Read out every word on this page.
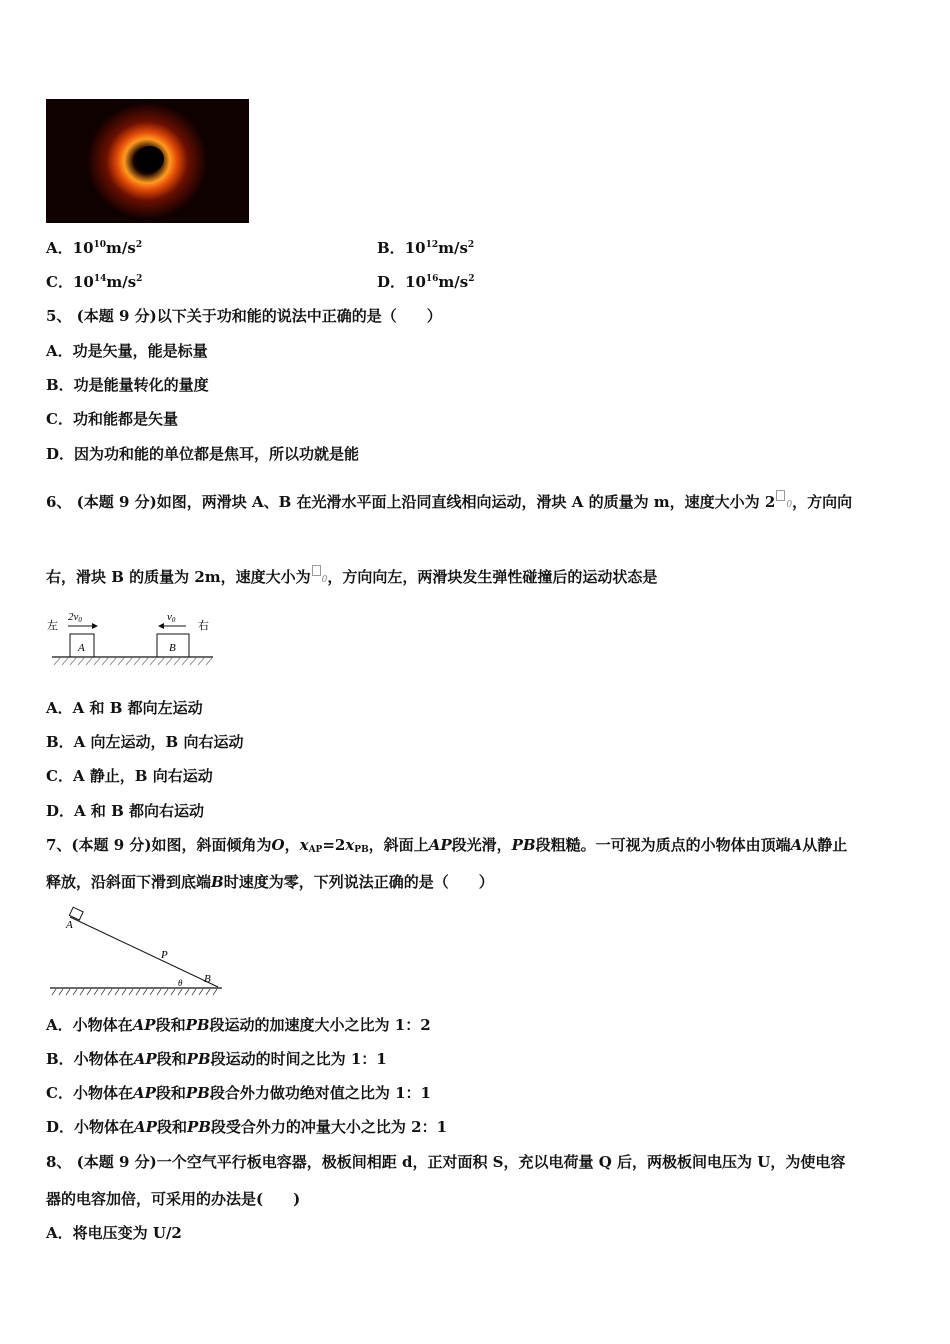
A．$10^{10}m/s^2$	B．$10^{12}m/s^2$
C．$10^{14}m/s^2$	D．$10^{16}m/s^2$
5、 (本题 9 分)以下关于功和能的说法中正确的是（　　）
A．功是矢量，能是标量
B．功是能量转化的量度
C．功和能都是矢量
D．因为功和能的单位都是焦耳，所以功就是能
6、 (本题 9 分)如图，两滑块 A、B 在光滑水平面上沿同直线相向运动，滑块 A 的质量为 m，速度大小为 2 0，方向向
右，滑块 B 的质量为 2m，速度大小为 0，方向向左，两滑块发生弹性碰撞后的运动状态是
左	右
2v0	v0
A	B
A．A 和 B 都向左运动
B．A 向左运动，B 向右运动
C．A 静止，B 向右运动
D．A 和 B 都向右运动
7、(本题 9 分)如图，斜面倾角为O，$x_{AP}=2x_{PB}$，斜面上AP段光滑，PB段粗糙。一可视为质点的小物体由顶端A从静止
释放，沿斜面下滑到底端B时速度为零，下列说法正确的是（　　）
A
P
B
θ
A．小物体在AP段和PB段运动的加速度大小之比为 1：2
B．小物体在AP段和PB段运动的时间之比为 1：1
C．小物体在AP段和PB段合外力做功绝对值之比为 1：1
D．小物体在AP段和PB段受合外力的冲量大小之比为 2：1
8、 (本题 9 分)一个空气平行板电容器，极板间相距 d，正对面积 S，充以电荷量 Q 后，两极板间电压为 U，为使电容
器的电容加倍，可采用的办法是(　　)
A．将电压变为 U/2
